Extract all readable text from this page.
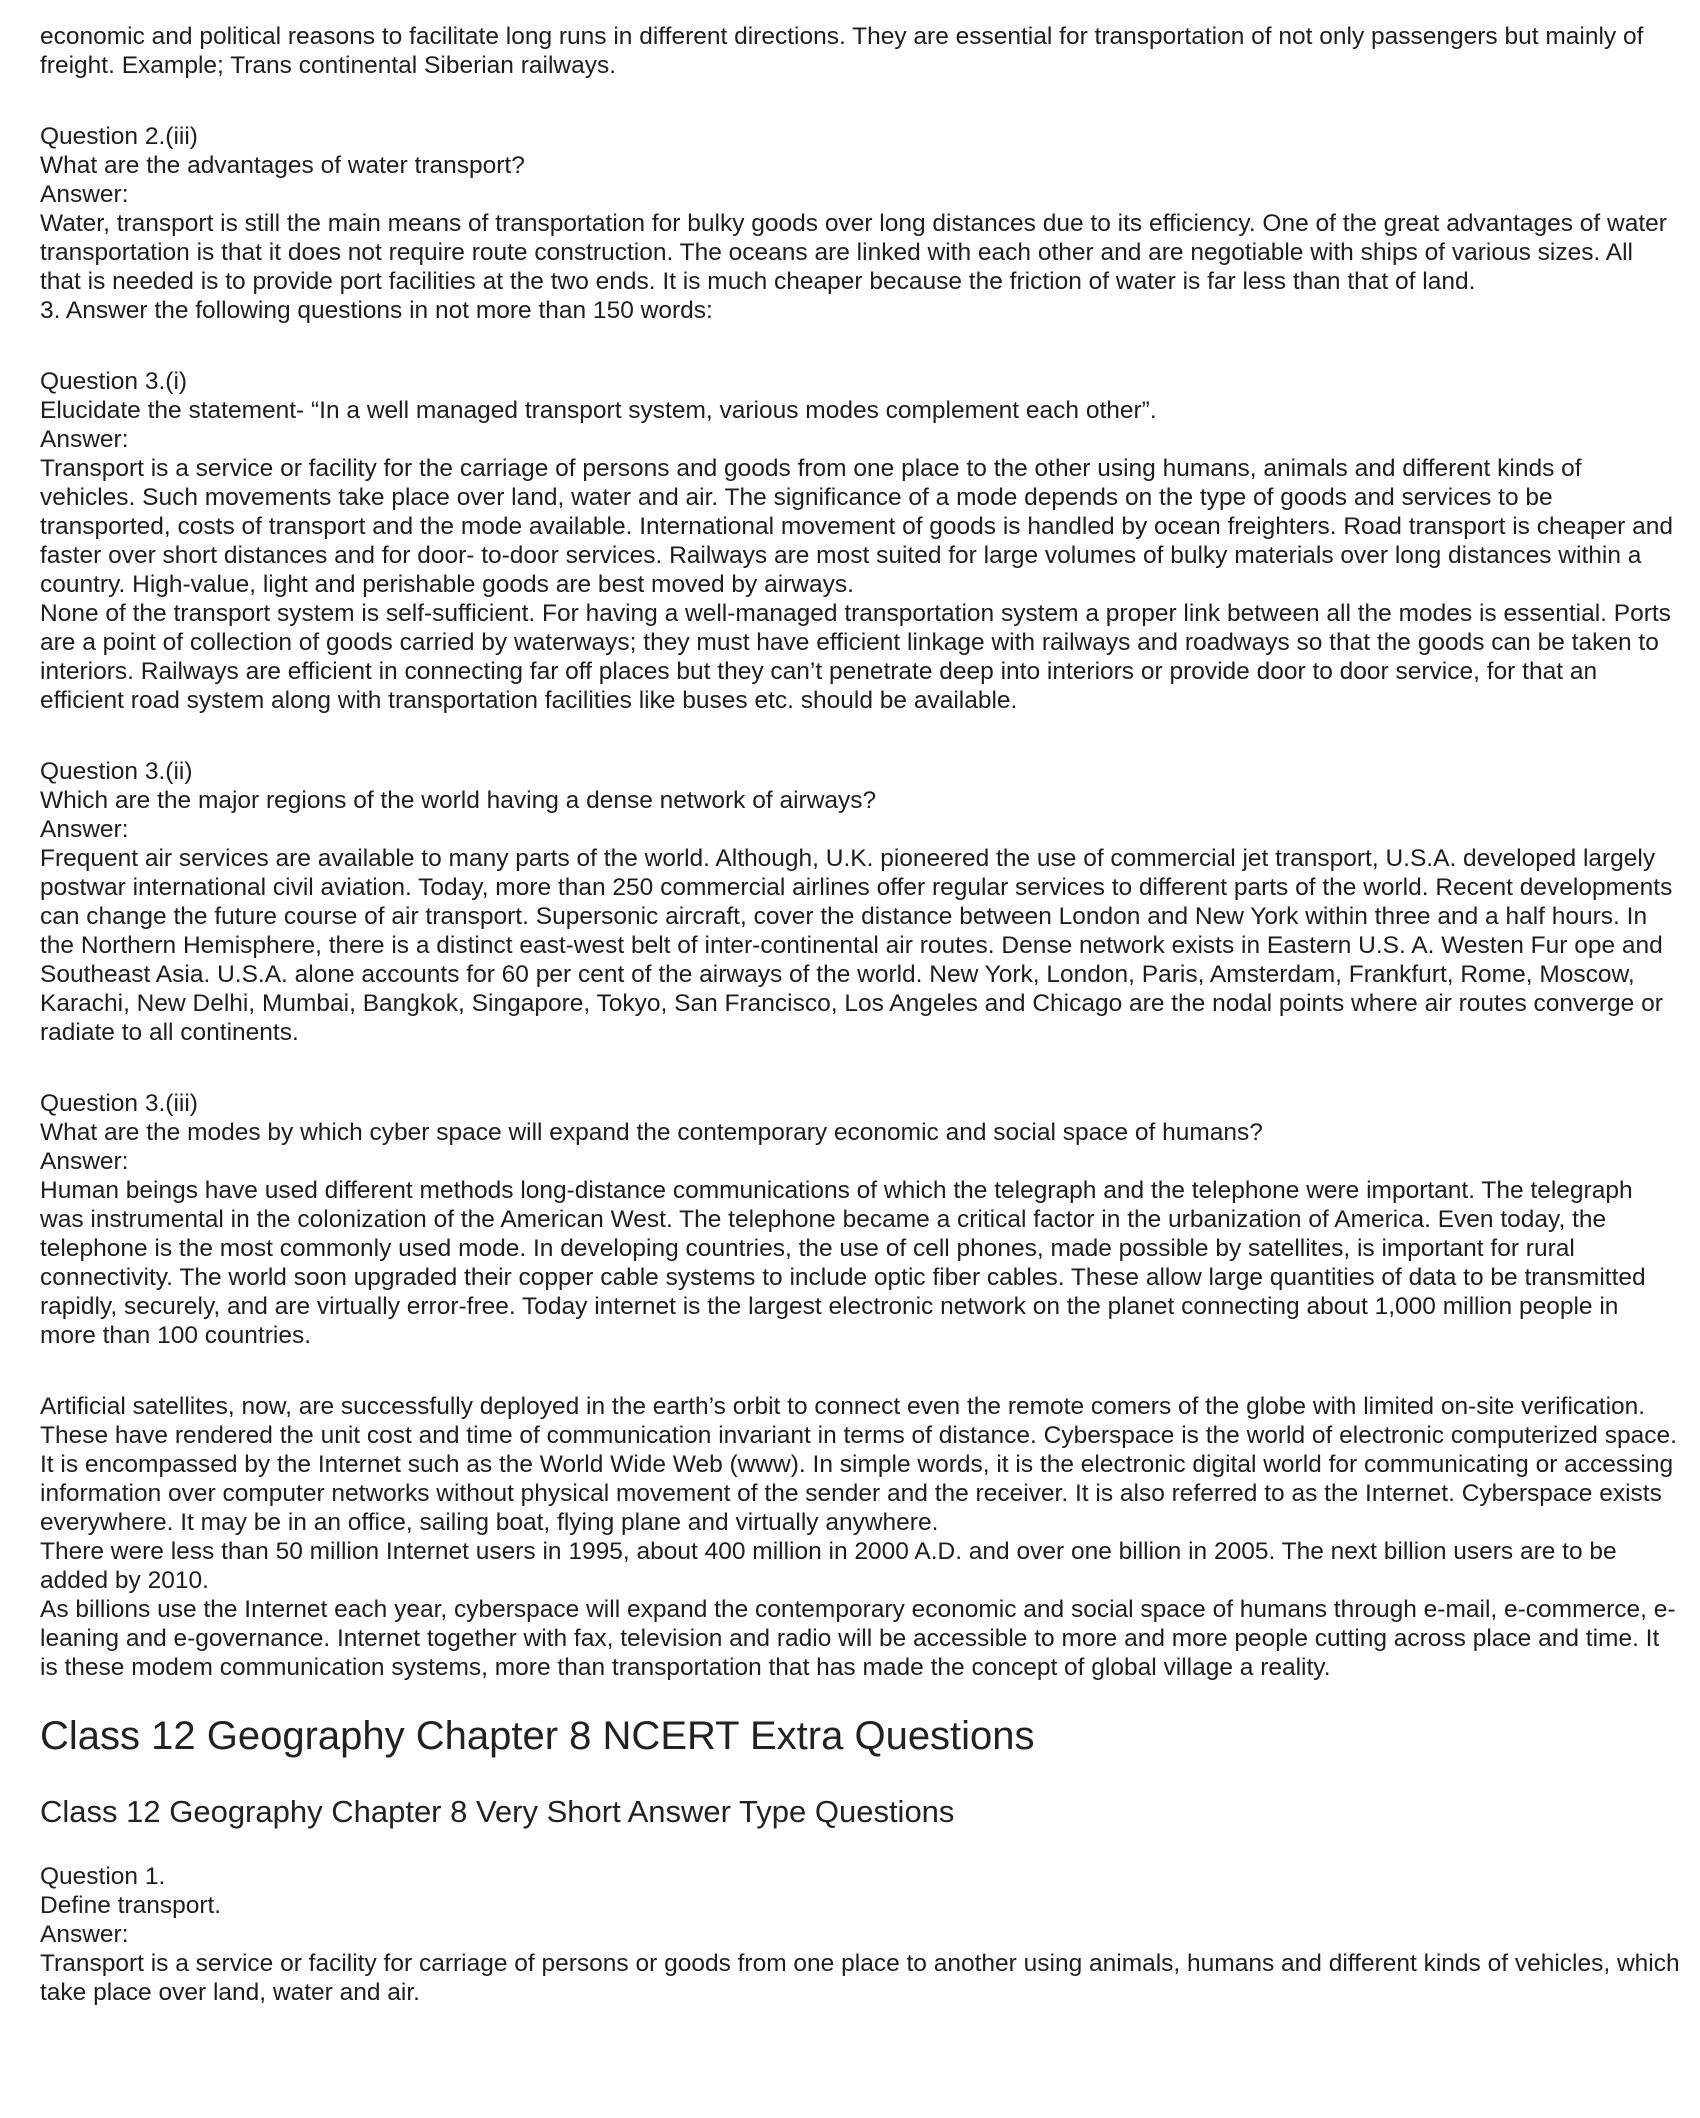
economic and political reasons to facilitate long runs in different directions. They are essential for transportation of not only passengers but mainly of freight. Example; Trans continental Siberian railways.

Question 2.(iii)

What are the advantages of water transport?

Answer:

Water, transport is still the main means of transportation for bulky goods over long distances due to its efficiency. One of the great advantages of water transportation is that it does not require route construction. The oceans are linked with each other and are negotiable with ships of various sizes. All that is needed is to provide port facilities at the two ends. It is much cheaper because the friction of water is far less than that of land.

3. Answer the following questions in not more than 150 words:

Question 3.(i)

Elucidate the statement- “In a well managed transport system, various modes complement each other”.

Answer:

Transport is a service or facility for the carriage of persons and goods from one place to the other using humans, animals and different kinds of vehicles. Such movements take place over land, water and air. The significance of a mode depends on the type of goods and services to be transported, costs of transport and the mode available. International movement of goods is handled by ocean freighters. Road transport is cheaper and faster over short distances and for door- to-door services. Railways are most suited for large volumes of bulky materials over long distances within a country. High-value, light and perishable goods are best moved by airways.

None of the transport system is self-sufficient. For having a well-managed transportation system a proper link between all the modes is essential. Ports are a point of collection of goods carried by waterways; they must have efficient linkage with railways and roadways so that the goods can be taken to interiors. Railways are efficient in connecting far off places but they can’t penetrate deep into interiors or provide door to door service, for that an efficient road system along with transportation facilities like buses etc. should be available.

Question 3.(ii)

Which are the major regions of the world having a dense network of airways?

Answer:

Frequent air services are available to many parts of the world. Although, U.K. pioneered the use of commercial jet transport, U.S.A. developed largely postwar international civil aviation. Today, more than 250 commercial airlines offer regular services to different parts of the world. Recent developments can change the future course of air transport. Supersonic aircraft, cover the distance between London and New York within three and a half hours. In the Northern Hemisphere, there is a distinct east-west belt of inter-continental air routes. Dense network exists in Eastern U.S. A. Westen Fur ope and Southeast Asia. U.S.A. alone accounts for 60 per cent of the airways of the world. New York, London, Paris, Amsterdam, Frankfurt, Rome, Moscow, Karachi, New Delhi, Mumbai, Bangkok, Singapore, Tokyo, San Francisco, Los Angeles and Chicago are the nodal points where air routes converge or radiate to all continents.

Question 3.(iii)

What are the modes by which cyber space will expand the contemporary economic and social space of humans?

Answer:

Human beings have used different methods long-distance communications of which the telegraph and the telephone were important. The telegraph was instrumental in the colonization of the American West. The telephone became a critical factor in the urbanization of America. Even today, the telephone is the most commonly used mode. In developing countries, the use of cell phones, made possible by satellites, is important for rural connectivity. The world soon upgraded their copper cable systems to include optic fiber cables. These allow large quantities of data to be transmitted rapidly, securely, and are virtually error-free. Today internet is the largest electronic network on the planet connecting about 1,000 million people in more than 100 countries.

Artificial satellites, now, are successfully deployed in the earth’s orbit to connect even the remote comers of the globe with limited on-site verification. These have rendered the unit cost and time of communication invariant in terms of distance. Cyberspace is the world of electronic computerized space. It is encompassed by the Internet such as the World Wide Web (www). In simple words, it is the electronic digital world for communicating or accessing information over computer networks without physical movement of the sender and the receiver. It is also referred to as the Internet. Cyberspace exists everywhere. It may be in an office, sailing boat, flying plane and virtually anywhere.

There were less than 50 million Internet users in 1995, about 400 million in 2000 A.D. and over one billion in 2005. The next billion users are to be added by 2010.

As billions use the Internet each year, cyberspace will expand the contemporary economic and social space of humans through e-mail, e-commerce, e-leaning and e-governance. Internet together with fax, television and radio will be accessible to more and more people cutting across place and time. It is these modem communication systems, more than transportation that has made the concept of global village a reality.

Class 12 Geography Chapter 8 NCERT Extra Questions
Class 12 Geography Chapter 8 Very Short Answer Type Questions

Question 1.

Define transport.

Answer:

Transport is a service or facility for carriage of persons or goods from one place to another using animals, humans and different kinds of vehicles, which take place over land, water and air.
